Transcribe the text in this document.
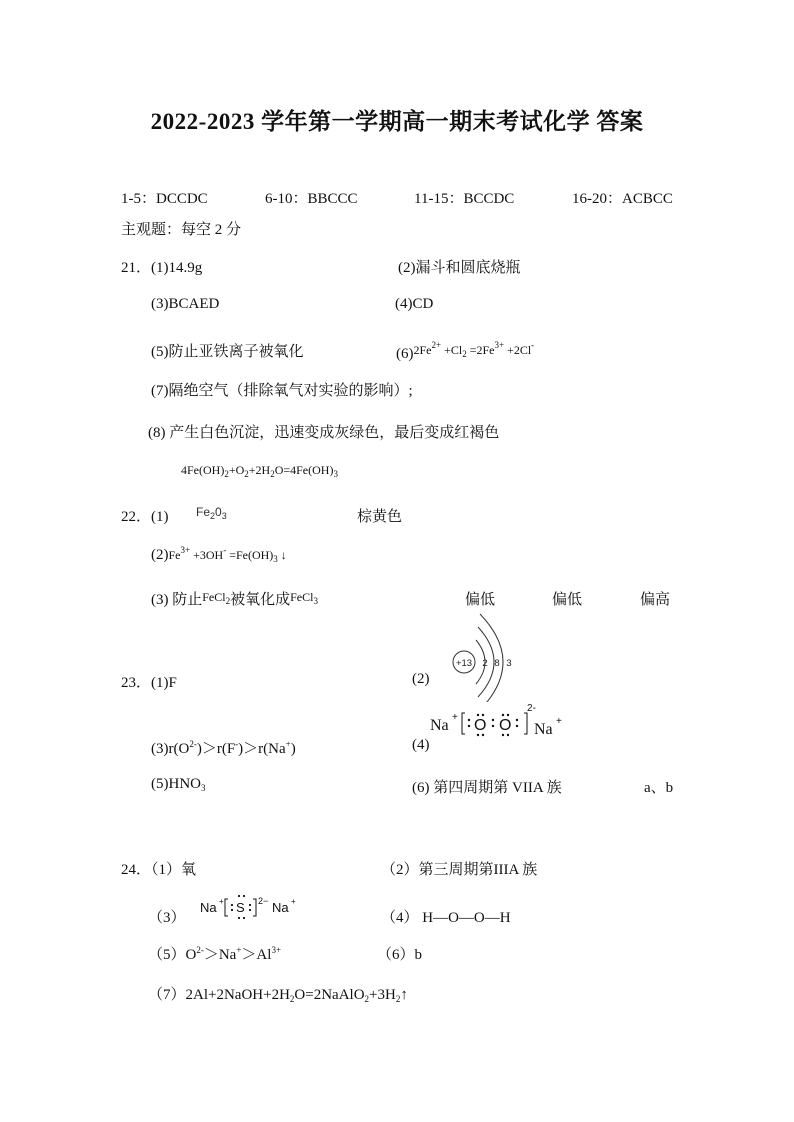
2022-2023 学年第一学期高一期末考试化学 答案
1-5：DCCDC	6-10：BBCCC	11-15：BCCDC	16-20：ACBCC
主观题：每空 2 分
21．(1)14.9g	(2)漏斗和圆底烧瓶
(3)BCAED	(4)CD
(5)防止亚铁离子被氧化	$(6)^{2Fe^{2+} +Cl_2 =2Fe^{3+} +2Cl^-}$
(7)隔绝空气（排除氧气对实验的影响）;
(8) 产生白色沉淀，迅速变成灰绿色，最后变成红褐色
$4Fe(OH)_2+O_2+2H_2O=4Fe(OH)_3$
22．(1) $Fe_20_3$	棕黄色
$(2)Fe^{3+} +3OH^- =Fe(OH)_3$ ↓
(3) 防止FeCl$_2$被氧化成FeCl$_3$	偏低	偏低	偏高
23．(1)F	(2)
+13 2 8 3
Na + O O
2-
Na +
$(3)r(O^{2-})>r(F^-)>r(Na^+)$	(4)
$(5)HNO_3$	(6) 第四周期第 VIIA 族	a、b
24．（1）氧	（2）第三周期第IIIA 族
（3）
Na + S 2− Na +
（4） H—O—O—H
$(5)O^{2-}>Na^+>Al^{3+}$	（6）b
$(7)2Al+2NaOH+2H_2O=2NaAlO_2+3H_2↑$
